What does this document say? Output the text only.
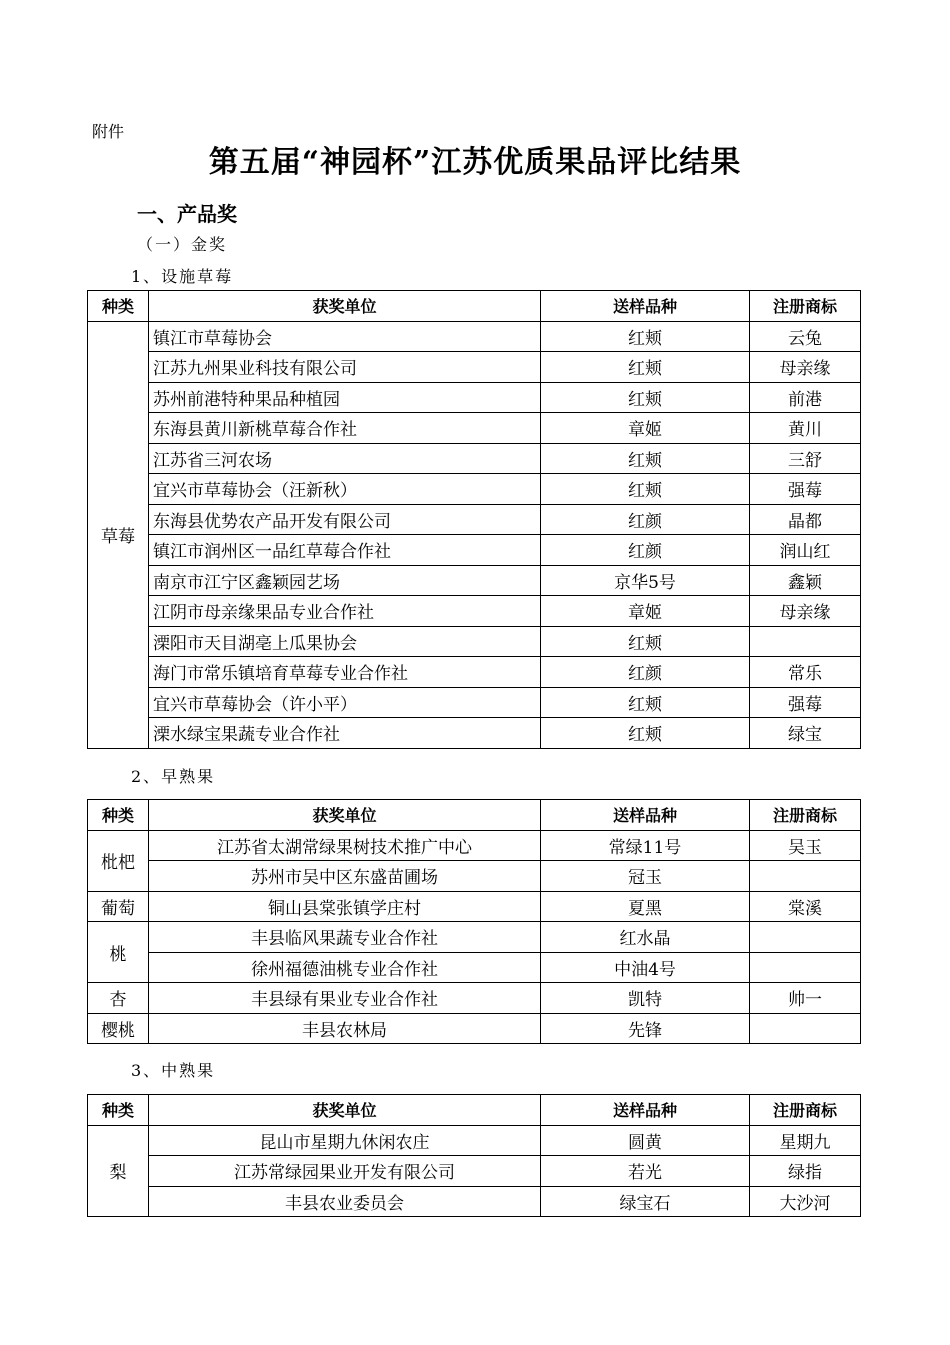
附件
第五届“神园杯”江苏优质果品评比结果
一、产品奖
（一）金奖
1、设施草莓
2、早熟果
3、中熟果
种类	获奖单位	送样品种	注册商标
草莓	镇江市草莓协会	红颊	云兔
	江苏九州果业科技有限公司	红颊	母亲缘
	苏州前港特种果品种植园	红颊	前港
	东海县黄川新桃草莓合作社	章姬	黄川
	江苏省三河农场	红颊	三舒
	宜兴市草莓协会（汪新秋）	红颊	强莓
	东海县优势农产品开发有限公司	红颜	晶都
	镇江市润州区一品红草莓合作社	红颜	润山红
	南京市江宁区鑫颖园艺场	京华5号	鑫颖
	江阴市母亲缘果品专业合作社	章姬	母亲缘
	溧阳市天目湖亳上瓜果协会	红颊	
	海门市常乐镇培育草莓专业合作社	红颜	常乐
	宜兴市草莓协会（许小平）	红颊	强莓
	溧水绿宝果蔬专业合作社	红颊	绿宝
种类	获奖单位	送样品种	注册商标
枇杷	江苏省太湖常绿果树技术推广中心	常绿11号	吴玉
	苏州市吴中区东盛苗圃场	冠玉	
葡萄	铜山县棠张镇学庄村	夏黑	棠溪
桃	丰县临风果蔬专业合作社	红水晶	
	徐州福德油桃专业合作社	中油4号	
杏	丰县绿有果业专业合作社	凯特	帅一
樱桃	丰县农林局	先锋	
种类	获奖单位	送样品种	注册商标
梨	昆山市星期九休闲农庄	圆黄	星期九
	江苏常绿园果业开发有限公司	若光	绿指
	丰县农业委员会	绿宝石	大沙河
